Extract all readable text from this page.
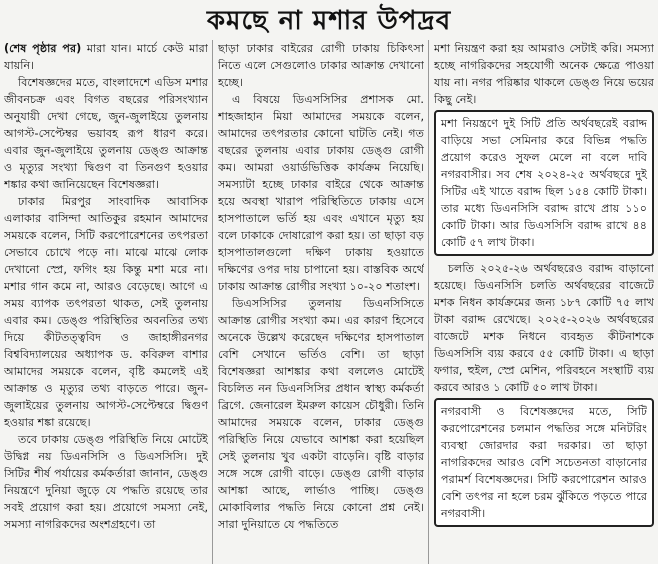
কমছে না মশার উপদ্রব

(শেষ পৃষ্ঠার পর) মারা যান। মার্চে কেউ মারা যায়নি।

বিশেষজ্ঞদের মতে, বাংলাদেশে এডিস মশার জীবনচক্র এবং বিগত বছরের পরিসংখ্যান অনুযায়ী দেখা গেছে, জুন-জুলাইয়ে তুলনায় আগস্ট-সেপ্টেম্বর ভয়াবহ রূপ ধারণ করে। এবার জুন-জুলাইয়ে তুলনায় ডেঙ্গু আক্রান্ত ও মৃত্যুর সংখ্যা দ্বিগুণ বা তিনগুণ হওয়ার শঙ্কার কথা জানিয়েছেন বিশেষজ্ঞরা।

ঢাকার মিরপুর সাংবাদিক আবাসিক এলাকার বাসিন্দা আতিকুর রহমান আমাদের সময়কে বলেন, সিটি করপোরেশনের তৎপরতা সেভাবে চোখে পড়ে না। মাঝে মাঝে লোক দেখানো স্প্রে, ফগিং হয় কিন্তু মশা মরে না। মশার গান কমে না, আরও বেড়েছে। আগে এ সময় ব্যাপক তৎপরতা থাকত, সেই তুলনায় এবার কম। ডেঙ্গু পরিস্থিতির অবনতির তথ্য দিয়ে কীটতত্ত্ববিদ ও জাহাঙ্গীরনগর বিশ্ববিদ্যালয়ের অধ্যাপক ড. কবিরুল বাশার আমাদের সময়কে বলেন, বৃষ্টি কমলেই এই আক্রান্ত ও মৃত্যুর তথ্য বাড়তে পারে। জুন-জুলাইয়ের তুলনায় আগস্ট-সেপ্টেম্বরে দ্বিগুণ হওয়ার শঙ্কা রয়েছে।

তবে ঢাকায় ডেঙ্গু পরিস্থিতি নিয়ে মোটেই উদ্বিগ্ন নয় ডিএনসিসি ও ডিএসসিসি। দুই সিটির শীর্ষ পর্যায়ের কর্মকর্তারা জানান, ডেঙ্গু নিয়ন্ত্রণে দুনিয়া জুড়ে যে পদ্ধতি রয়েছে তার সবই প্রয়োগ করা হয়। প্রয়োগে সমস্যা নেই, সমস্যা নাগরিকদের অংশগ্রহণে। তা

ছাড়া ঢাকার বাইরের রোগী ঢাকায় চিকিৎসা নিতে এলে সেগুলোও ঢাকার আক্রান্ত দেখানো হচ্ছে।

এ বিষয়ে ডিএসসিসির প্রশাসক মো. শাহজাহান মিয়া আমাদের সময়কে বলেন, আমাদের তৎপরতার কোনো ঘাটতি নেই। গত বছরের তুলনায় এবার ঢাকায় ডেঙ্গু রোগী কম। আমরা ওয়ার্ডভিত্তিক কার্যক্রম নিয়েছি। সমস্যাটা হচ্ছে ঢাকার বাইরে থেকে আক্রান্ত হয়ে অবস্থা খারাপ পরিস্থিতিতে ঢাকায় এসে হাসপাতালে ভর্তি হয় এবং এখানে মৃত্যু হয় বলে ঢাকাকে দোষারোপ করা হয়। তা ছাড়া বড় হাসপাতালগুলো দক্ষিণ ঢাকায় হওয়াতে দক্ষিণের ওপর দায় চাপানো হয়। বাস্তবিক অর্থে ঢাকায় আক্রান্ত রোগীর সংখ্যা ১০-২০ শতাংশ।

ডিএসসিসির তুলনায় ডিএনসিসিতে আক্রান্ত রোগীর সংখ্যা কম। এর কারণ হিসেবে অনেকে উল্লেখ করেছেন দক্ষিণের হাসপাতাল বেশি সেখানে ভর্তিও বেশি। তা ছাড়া বিশেষজ্ঞরা আশঙ্কার কথা বললেও মোটেই বিচলিত নন ডিএনসিসির প্রধান স্বাস্থ্য কর্মকর্তা ব্রিগে. জেনারেল ইমরুল কায়েস চৌধুরী। তিনি আমাদের সময়কে বলেন, ঢাকার ডেঙ্গু পরিস্থিতি নিয়ে যেভাবে আশঙ্কা করা হয়েছিল সেই তুলনায় খুব একটা বাড়েনি। বৃষ্টি বাড়ার সঙ্গে সঙ্গে রোগী বাড়ে। ডেঙ্গু রোগী বাড়ার আশঙ্কা আছে, লার্ভাও পাচ্ছি। ডেঙ্গু মোকাবিলার পদ্ধতি নিয়ে কোনো প্রশ্ন নেই। সারা দুনিয়াতে যে পদ্ধতিতে

মশা নিয়ন্ত্রণ করা হয় আমরাও সেটাই করি। সমস্যা হচ্ছে নাগরিকদের সহযোগী অনেক ক্ষেত্রে পাওয়া যায় না। নগর পরিষ্কার থাকলে ডেঙ্গু নিয়ে ভয়ের কিছু নেই।

মশা নিয়ন্ত্রণে দুই সিটি প্রতি অর্থবছরেই বরাদ্দ বাড়িয়ে সভা সেমিনার করে বিভিন্ন পদ্ধতি প্রয়োগ করেও সুফল মেলে না বলে দাবি নগরবাসীর। সব শেষ ২০২৪-২৫ অর্থবছরে দুই সিটির এই খাতে বরাদ্দ ছিল ১৫৪ কোটি টাকা। তার মধ্যে ডিএনসিসি বরাদ্দ রাখে প্রায় ১১০ কোটি টাকা। আর ডিএসসিসি বরাদ্দ রাখে ৪৪ কোটি ৫৭ লাখ টাকা।

চলতি ২০২৫-২৬ অর্থবছরেও বরাদ্দ বাড়ানো হয়েছে। ডিএনসিসি চলতি অর্থবছরের বাজেটে মশক নিধন কার্যক্রমের জন্য ১৮৭ কোটি ৭৫ লাখ টাকা বরাদ্দ রেখেছে। ২০২৫-২০২৬ অর্থবছরের বাজেটে মশক নিধনে ব্যবহৃত কীটনাশকে ডিএসসিসি ব্যয় করবে ৫৫ কোটি টাকা। এ ছাড়া ফগার, হুইল, স্প্রে মেশিন, পরিবহনে সংস্থাটি ব্যয় করবে আরও ১ কোটি ৫০ লাখ টাকা।

নগরবাসী ও বিশেষজ্ঞদের মতে, সিটি করপোরেশনের চলমান পদ্ধতির সঙ্গে মনিটরিং ব্যবস্থা জোরদার করা দরকার। তা ছাড়া নাগরিকদের আরও বেশি সচেতনতা বাড়ানোর পরামর্শ বিশেষজ্ঞদের। সিটি করপোরেশন আরও বেশি তৎপর না হলে চরম ঝুঁকিতে পড়তে পারে নগরবাসী।
